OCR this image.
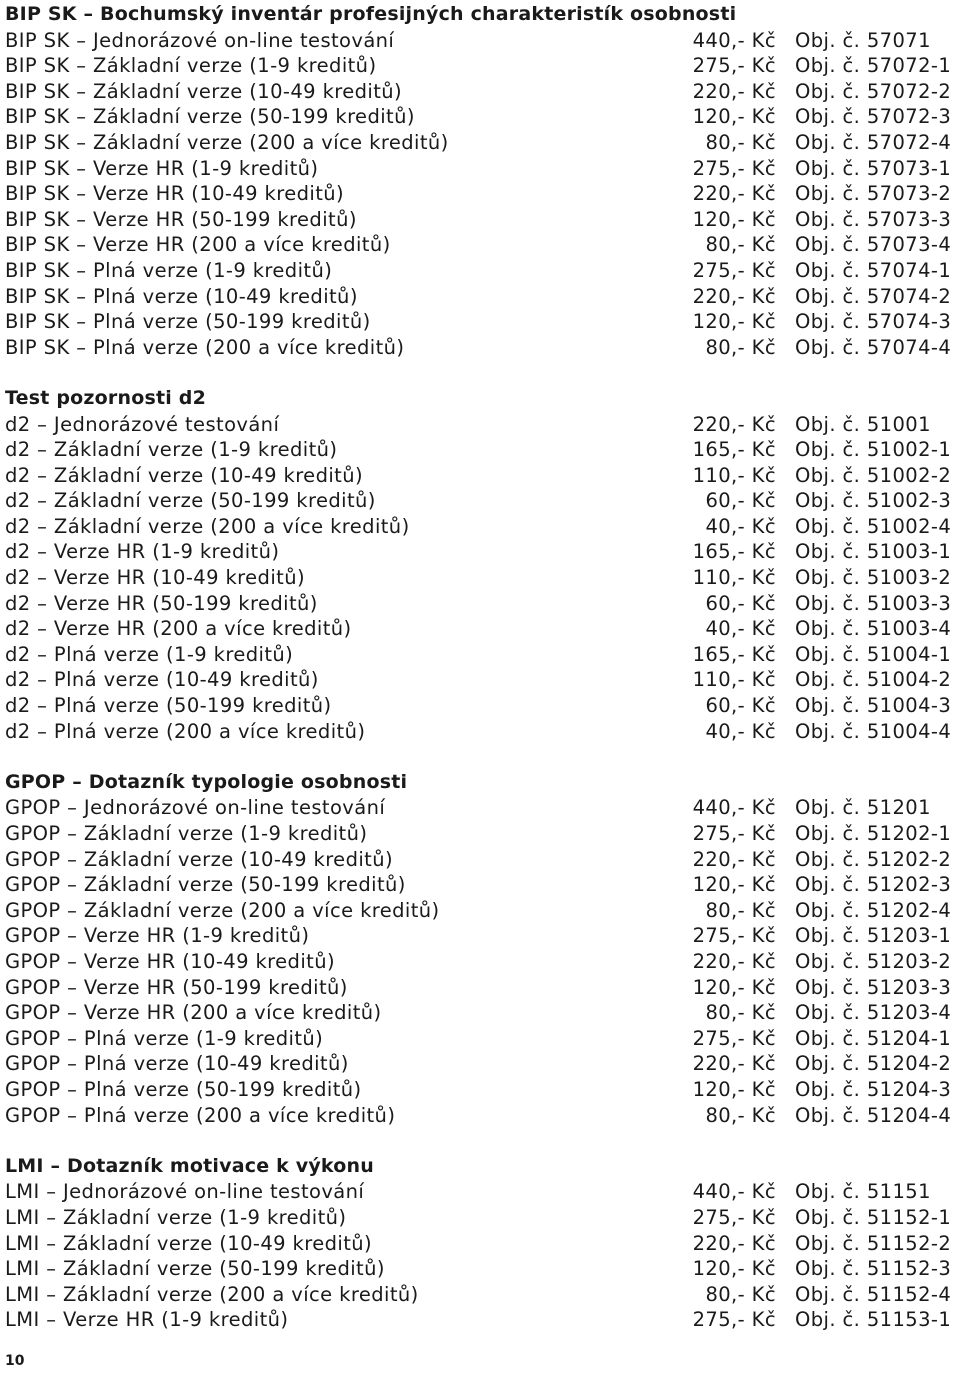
BIP SK – Bochumský inventár profesijných charakteristík osobnosti
BIP SK – Jednorázové on-line testování	440,- Kč Obj. č. 57071
BIP SK – Základní verze (1-9 kreditů)	275,- Kč Obj. č. 57072-1
BIP SK – Základní verze (10-49 kreditů)	220,- Kč Obj. č. 57072-2
BIP SK – Základní verze (50-199 kreditů)	120,- Kč Obj. č. 57072-3
BIP SK – Základní verze (200 a více kreditů)	80,- Kč Obj. č. 57072-4
BIP SK – Verze HR (1-9 kreditů)	275,- Kč Obj. č. 57073-1
BIP SK – Verze HR (10-49 kreditů)	220,- Kč Obj. č. 57073-2
BIP SK – Verze HR (50-199 kreditů)	120,- Kč Obj. č. 57073-3
BIP SK – Verze HR (200 a více kreditů)	80,- Kč Obj. č. 57073-4
BIP SK – Plná verze (1-9 kreditů)	275,- Kč Obj. č. 57074-1
BIP SK – Plná verze (10-49 kreditů)	220,- Kč Obj. č. 57074-2
BIP SK – Plná verze (50-199 kreditů)	120,- Kč Obj. č. 57074-3
BIP SK – Plná verze (200 a více kreditů)	80,- Kč Obj. č. 57074-4
Test pozornosti d2
d2 – Jednorázové testování	220,- Kč Obj. č. 51001
d2 – Základní verze (1-9 kreditů)	165,- Kč Obj. č. 51002-1
d2 – Základní verze (10-49 kreditů)	110,- Kč Obj. č. 51002-2
d2 – Základní verze (50-199 kreditů)	60,- Kč Obj. č. 51002-3
d2 – Základní verze (200 a více kreditů)	40,- Kč Obj. č. 51002-4
d2 – Verze HR (1-9 kreditů)	165,- Kč Obj. č. 51003-1
d2 – Verze HR (10-49 kreditů)	110,- Kč Obj. č. 51003-2
d2 – Verze HR (50-199 kreditů)	60,- Kč Obj. č. 51003-3
d2 – Verze HR (200 a více kreditů)	40,- Kč Obj. č. 51003-4
d2 – Plná verze (1-9 kreditů)	165,- Kč Obj. č. 51004-1
d2 – Plná verze (10-49 kreditů)	110,- Kč Obj. č. 51004-2
d2 – Plná verze (50-199 kreditů)	60,- Kč Obj. č. 51004-3
d2 – Plná verze (200 a více kreditů)	40,- Kč Obj. č. 51004-4
GPOP – Dotazník typologie osobnosti
GPOP – Jednorázové on-line testování	440,- Kč Obj. č. 51201
GPOP – Základní verze (1-9 kreditů)	275,- Kč Obj. č. 51202-1
GPOP – Základní verze (10-49 kreditů)	220,- Kč Obj. č. 51202-2
GPOP – Základní verze (50-199 kreditů)	120,- Kč Obj. č. 51202-3
GPOP – Základní verze (200 a více kreditů)	80,- Kč Obj. č. 51202-4
GPOP – Verze HR (1-9 kreditů)	275,- Kč Obj. č. 51203-1
GPOP – Verze HR (10-49 kreditů)	220,- Kč Obj. č. 51203-2
GPOP – Verze HR (50-199 kreditů)	120,- Kč Obj. č. 51203-3
GPOP – Verze HR (200 a více kreditů)	80,- Kč Obj. č. 51203-4
GPOP – Plná verze (1-9 kreditů)	275,- Kč Obj. č. 51204-1
GPOP – Plná verze (10-49 kreditů)	220,- Kč Obj. č. 51204-2
GPOP – Plná verze (50-199 kreditů)	120,- Kč Obj. č. 51204-3
GPOP – Plná verze (200 a více kreditů)	80,- Kč Obj. č. 51204-4
LMI – Dotazník motivace k výkonu
LMI – Jednorázové on-line testování	440,- Kč Obj. č. 51151
LMI – Základní verze (1-9 kreditů)	275,- Kč Obj. č. 51152-1
LMI – Základní verze (10-49 kreditů)	220,- Kč Obj. č. 51152-2
LMI – Základní verze (50-199 kreditů)	120,- Kč Obj. č. 51152-3
LMI – Základní verze (200 a více kreditů)	80,- Kč Obj. č. 51152-4
LMI – Verze HR (1-9 kreditů)	275,- Kč Obj. č. 51153-1
10
